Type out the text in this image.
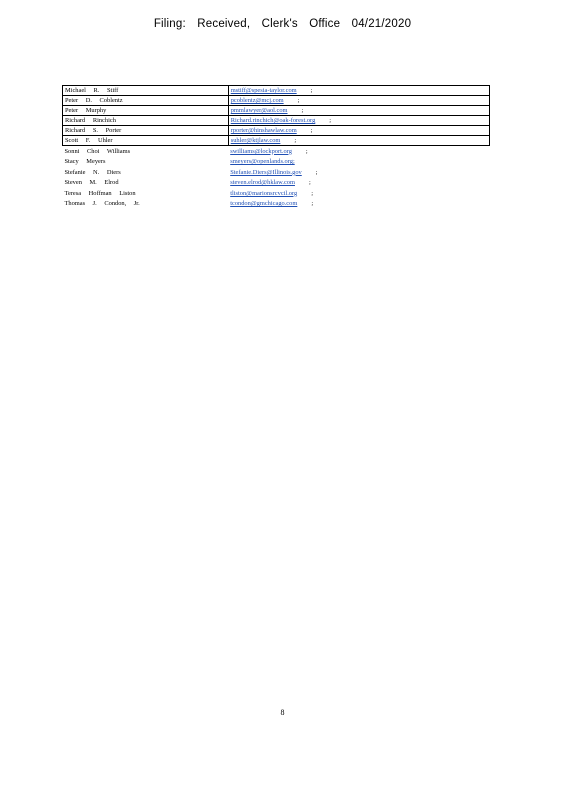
Filing: Received, Clerk's Office 04/21/2020
Michael R. Stiff	mstiff@spesia-taylor.com ;
Peter D. Coblentz	pcoblentz@mcj.com ;
Peter Murphy	pmmlawyer@aol.com ;
Richard Rinchich	Richard.rinchich@oak-forest.org ;
Richard S. Porter	rporter@hinshawlaw.com ;
Scott F. Uhler	suhler@ktjlaw.com ;
Sonni Choi Williams	swilliams@lockport.org ;
Stacy Meyers	smeyers@openlands.org;
Stefanie N. Diers	Stefanie.Diers@Illinois.gov ;
Steven M. Elrod	steven.elrod@hklaw.com ;
Teresa Hoffman Liston	tliston@marionsrcvcil.org ;
Thomas J. Condon, Jr.	tcondon@gmchicago.com ;
8
